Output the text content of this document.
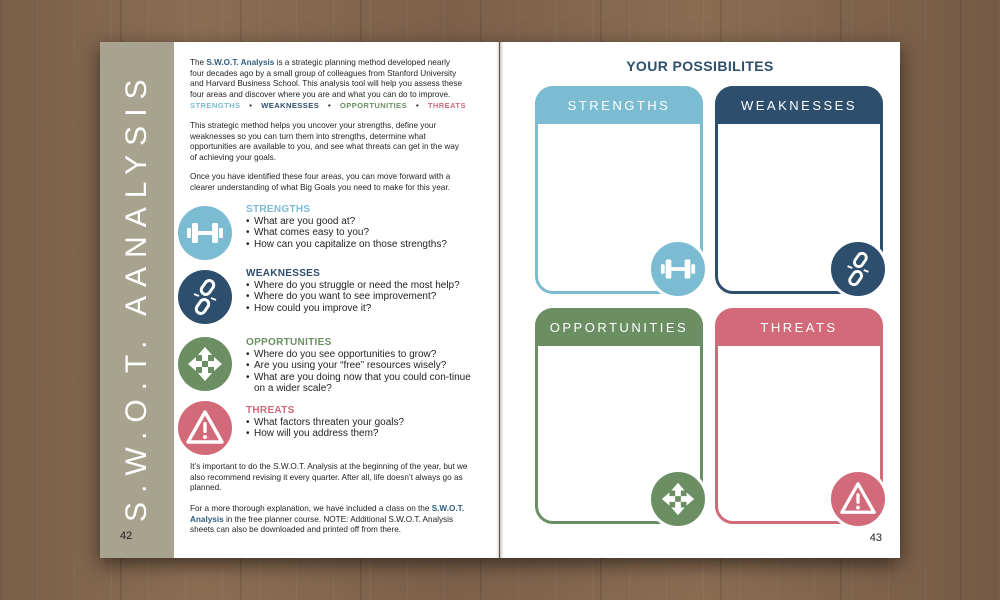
S.W.O.T. AANALYSIS
42

The S.W.O.T. Analysis is a strategic planning method developed nearly four decades ago by a small group of colleagues from Stanford University and Harvard Business School. This analysis tool will help you assess these four areas and discover where you are and what you can do to improve.
STRENGTHS • WEAKNESSES • OPPORTUNITIES • THREATS

This strategic method helps you uncover your strengths, define your weaknesses so you can turn them into strengths, determine what opportunities are available to you, and see what threats can get in the way of achieving your goals.

Once you have identified these four areas, you can move forward with a clearer understanding of what Big Goals you need to make for this year.

STRENGTHS
• What are you good at?
• What comes easy to you?
• How can you capitalize on those strengths?
WEAKNESSES
• Where do you struggle or need the most help?
• Where do you want to see improvement?
• How could you improve it?
OPPORTUNITIES
• Where do you see opportunities to grow?
• Are you using your “free” resources wisely?
• What are you doing now that you could con-tinue on a wider scale?
THREATS
• What factors threaten your goals?
• How will you address them?

It’s important to do the S.W.O.T. Analysis at the beginning of the year, but we also recommend revising it every quarter. After all, life doesn’t always go as planned.

For a more thorough explanation, we have included a class on the S.W.O.T. Analysis in the free planner course. NOTE: Additional S.W.O.T. Analysis sheets can also be downloaded and printed off from there.

YOUR POSSIBILITES
STRENGTHS	WEAKNESSES
OPPORTUNITIES	THREATS
43
